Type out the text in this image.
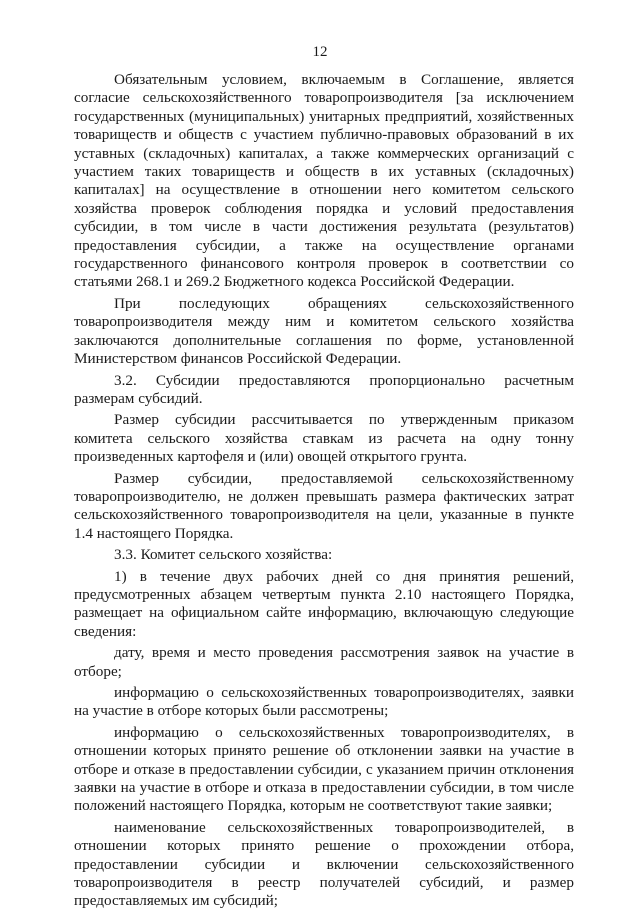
12

Обязательным условием, включаемым в Соглашение, является согласие сельскохозяйственного товаропроизводителя [за исключением государственных (муниципальных) унитарных предприятий, хозяйственных товариществ и обществ с участием публично-правовых образований в их уставных (складочных) капиталах, а также коммерческих организаций с участием таких товариществ и обществ в их уставных (складочных) капиталах] на осуществление в отношении него комитетом сельского хозяйства проверок соблюдения порядка и условий предоставления субсидии, в том числе в части достижения результата (результатов) предоставления субсидии, а также на осуществление органами государственного финансового контроля проверок в соответствии со статьями 268.1 и 269.2 Бюджетного кодекса Российской Федерации.

При последующих обращениях сельскохозяйственного товаропроизводителя между ним и комитетом сельского хозяйства заключаются дополнительные соглашения по форме, установленной Министерством финансов Российской Федерации.

3.2. Субсидии предоставляются пропорционально расчетным размерам субсидий.

Размер субсидии рассчитывается по утвержденным приказом комитета сельского хозяйства ставкам из расчета на одну тонну произведенных картофеля и (или) овощей открытого грунта.

Размер субсидии, предоставляемой сельскохозяйственному товаропроизводителю, не должен превышать размера фактических затрат сельскохозяйственного товаропроизводителя на цели, указанные в пункте 1.4 настоящего Порядка.

3.3. Комитет сельского хозяйства:

1) в течение двух рабочих дней со дня принятия решений, предусмотренных абзацем четвертым пункта 2.10 настоящего Порядка, размещает на официальном сайте информацию, включающую следующие сведения:

дату, время и место проведения рассмотрения заявок на участие в отборе;

информацию о сельскохозяйственных товаропроизводителях, заявки на участие в отборе которых были рассмотрены;

информацию о сельскохозяйственных товаропроизводителях, в отношении которых принято решение об отклонении заявки на участие в отборе и отказе в предоставлении субсидии, с указанием причин отклонения заявки на участие в отборе и отказа в предоставлении субсидии, в том числе положений настоящего Порядка, которым не соответствуют такие заявки;

наименование сельскохозяйственных товаропроизводителей, в отношении которых принято решение о прохождении отбора, предоставлении субсидии и включении сельскохозяйственного товаропроизводителя в реестр получателей субсидий, и размер предоставляемых им субсидий;
